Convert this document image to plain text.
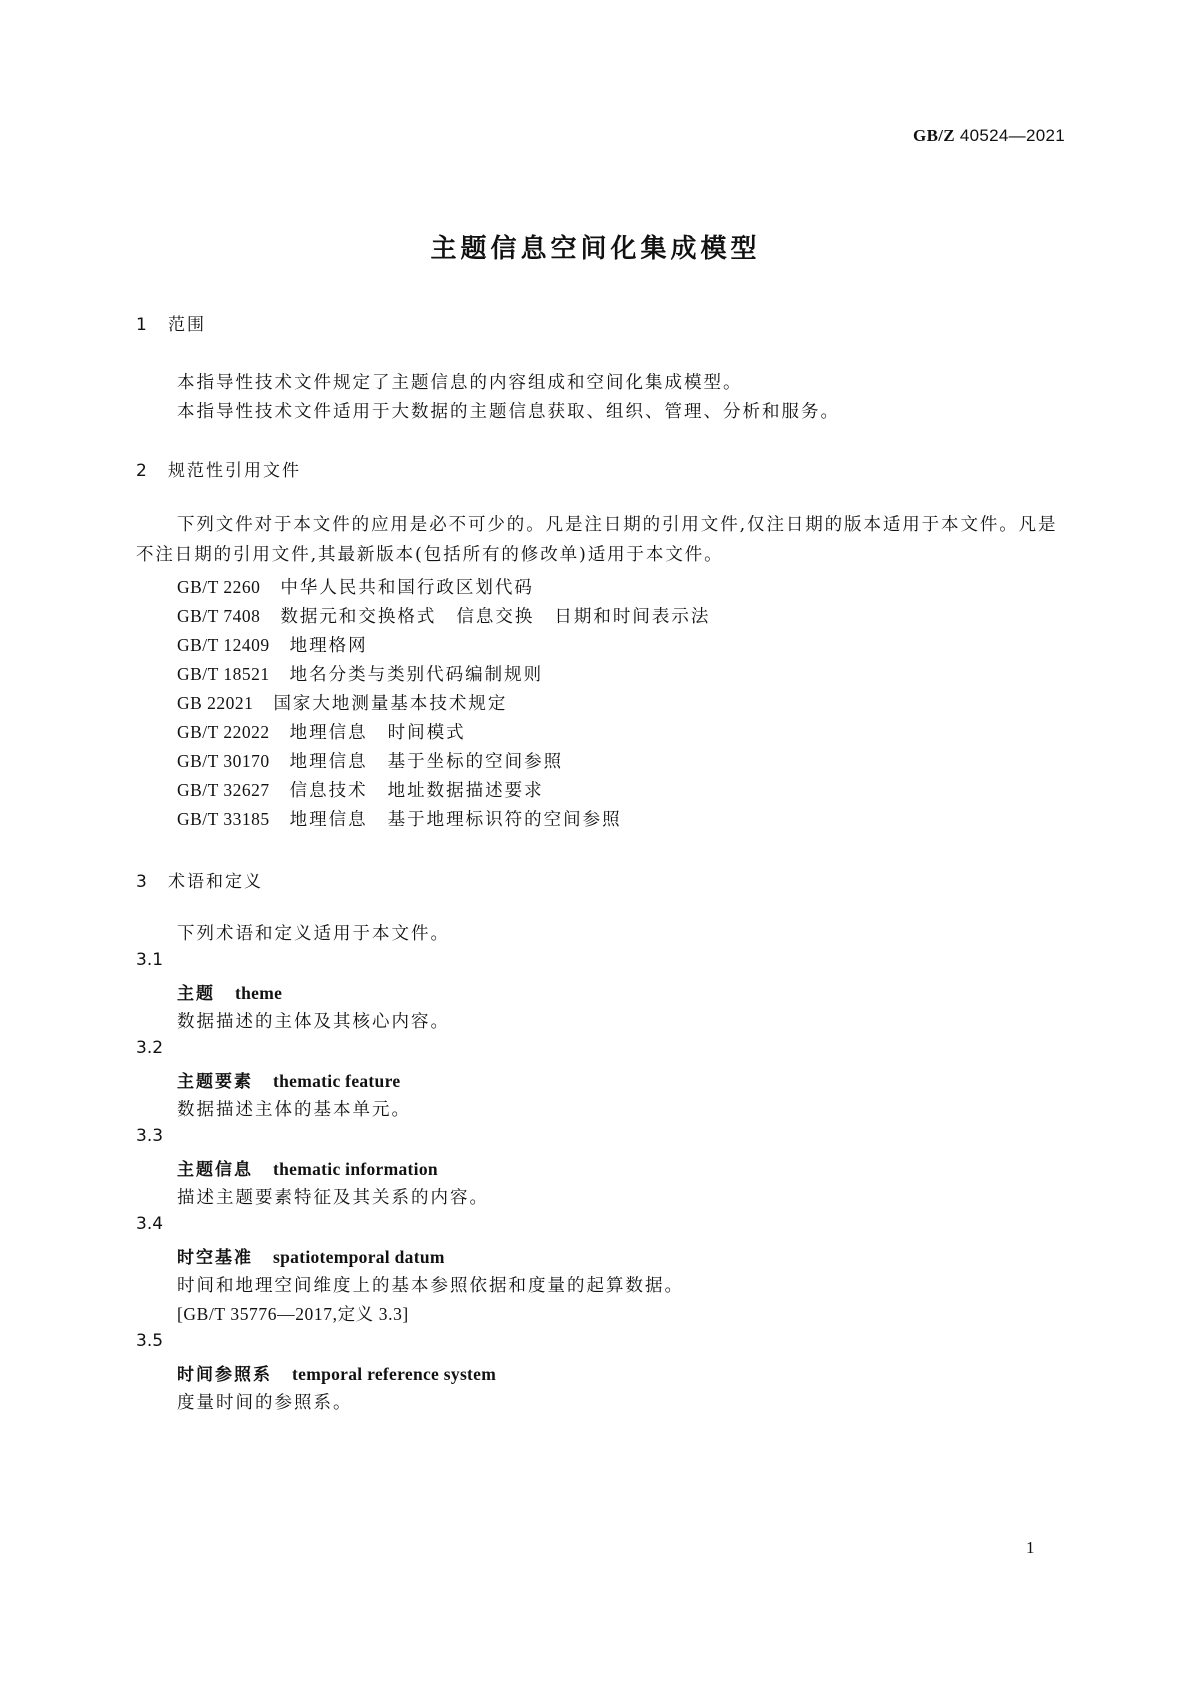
GB/Z 40524—2021
主题信息空间化集成模型
1 范围
本指导性技术文件规定了主题信息的内容组成和空间化集成模型。
本指导性技术文件适用于大数据的主题信息获取、组织、管理、分析和服务。
2 规范性引用文件
下列文件对于本文件的应用是必不可少的。凡是注日期的引用文件,仅注日期的版本适用于本文件。凡是不注日期的引用文件,其最新版本(包括所有的修改单)适用于本文件。
GB/T 2260 中华人民共和国行政区划代码
GB/T 7408 数据元和交换格式 信息交换 日期和时间表示法
GB/T 12409 地理格网
GB/T 18521 地名分类与类别代码编制规则
GB 22021 国家大地测量基本技术规定
GB/T 22022 地理信息 时间模式
GB/T 30170 地理信息 基于坐标的空间参照
GB/T 32627 信息技术 地址数据描述要求
GB/T 33185 地理信息 基于地理标识符的空间参照
3 术语和定义
下列术语和定义适用于本文件。
3.1
主题 theme
数据描述的主体及其核心内容。
3.2
主题要素 thematic feature
数据描述主体的基本单元。
3.3
主题信息 thematic information
描述主题要素特征及其关系的内容。
3.4
时空基准 spatiotemporal datum
时间和地理空间维度上的基本参照依据和度量的起算数据。
[GB/T 35776—2017,定义 3.3]
3.5
时间参照系 temporal reference system
度量时间的参照系。
1
